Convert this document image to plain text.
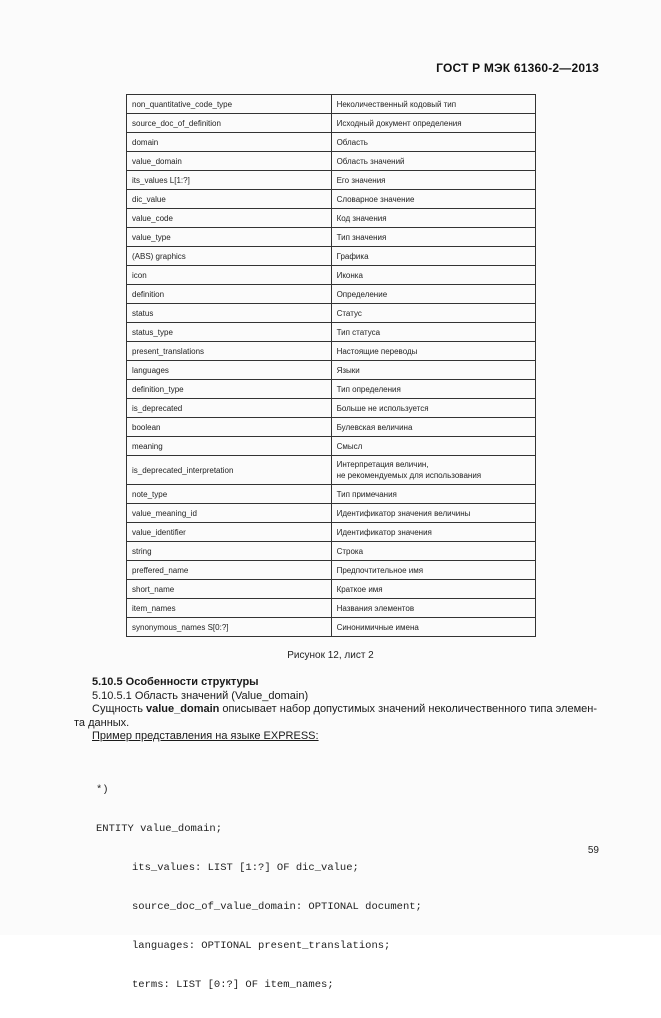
ГОСТ Р МЭК 61360-2—2013
non_quantitative_code_type	Неколичественный кодовый тип
source_doc_of_definition	Исходный документ определения
domain	Область
value_domain	Область значений
its_values L[1:?]	Его значения
dic_value	Словарное значение
value_code	Код значения
value_type	Тип значения
(ABS) graphics	Графика
icon	Иконка
definition	Определение
status	Статус
status_type	Тип статуса
present_translations	Настоящие переводы
languages	Языки
definition_type	Тип определения
is_deprecated	Больше не используется
boolean	Булевская величина
meaning	Смысл
is_deprecated_interpretation	Интерпретация величин,
не рекомендуемых для использования

note_type	Тип примечания
value_meaning_id	Идентификатор значения величины
value_identifier	Идентификатор значения
string	Строка
preffered_name	Предпочтительное имя
short_name	Краткое имя
item_names	Названия элементов
synonymous_names S[0:?]	Синонимичные имена
Рисунок 12, лист 2
5.10.5 Особенности структуры
5.10.5.1 Область значений (Value_domain)
Сущность value_domain описывает набор допустимых значений неколичественного типа элемен-та данных.
Пример представления на языке EXPRESS:

*)

ENTITY value_domain;

its_values: LIST [1:?] OF dic_value;

source_doc_of_value_domain: OPTIONAL document;

languages: OPTIONAL present_translations;

terms: LIST [0:?] OF item_names;

59
